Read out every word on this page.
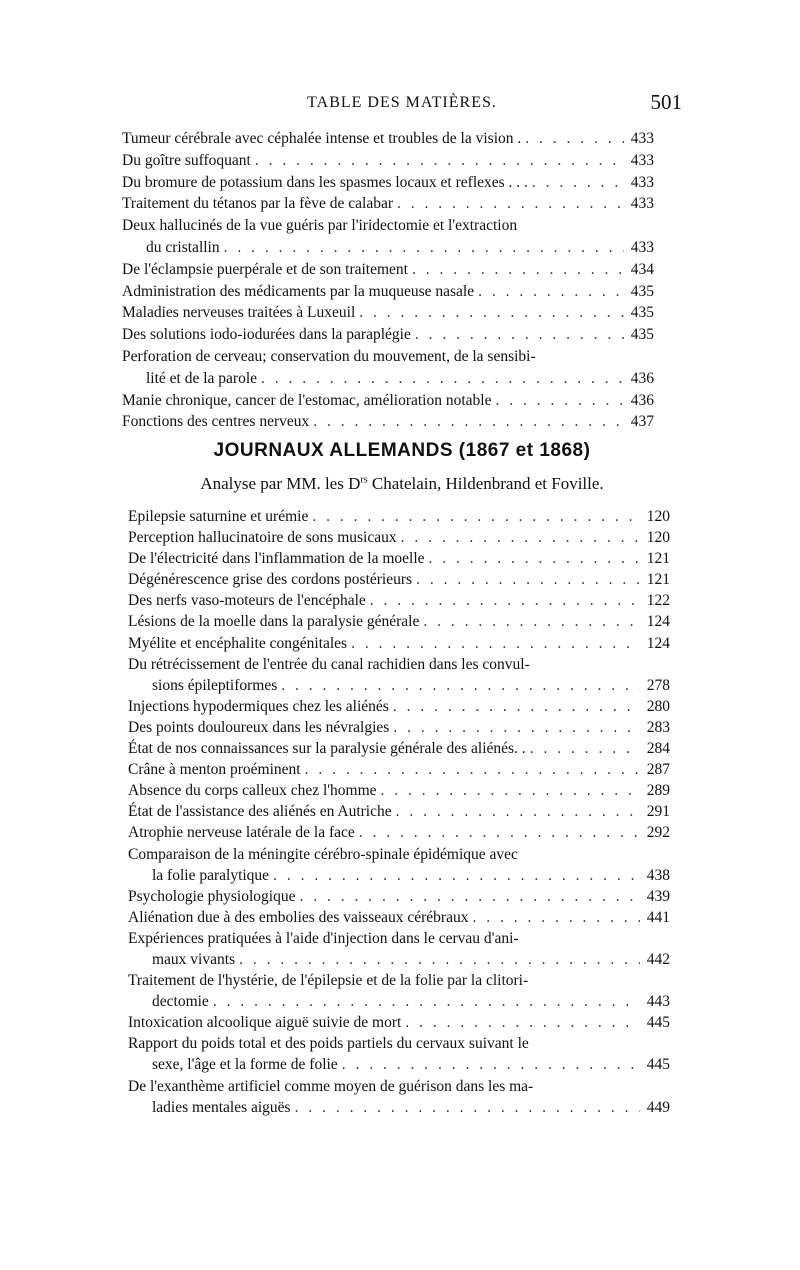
TABLE DES MATIÈRES.	501
Tumeur cérébrale avec céphalée intense et troubles de la vision . . . .	433
Du goître suffoquant . . .	433
Du bromure de potassium dans les spasmes locaux et reflexes . . . . . .	433
Traitement du tétanos par la fève de calabar . . .	433
Deux hallucinés de la vue guéris par l'iridectomie et l'extraction
du cristallin . . .	433
De l'éclampsie puerpérale et de son traitement . . .	434
Administration des médicaments par la muqueuse nasale . . .	435
Maladies nerveuses traitées à Luxeuil . . .	435
Des solutions iodo-iodurées dans la paraplégie . . .	435
Perforation de cerveau; conservation du mouvement, de la sensibi-
lité et de la parole . . .	436
Manie chronique, cancer de l'estomac, amélioration notable . . .	436
Fonctions des centres nerveux . . .	437
JOURNAUX ALLEMANDS (1867 et 1868)
Analyse par MM. les $D^{rs}$ Chatelain, Hildenbrand et Foville.
Epilepsie saturnine et urémie . . .	120
Perception hallucinatoire de sons musicaux . . .	120
De l'électricité dans l'inflammation de la moelle . . .	121
Dégénérescence grise des cordons postérieurs . . .	121
Des nerfs vaso-moteurs de l'encéphale . . .	122
Lésions de la moelle dans la paralysie générale . . .	124
Myélite et encéphalite congénitales . . .	124
Du rétrécissement de l'entrée du canal rachidien dans les convul-
sions épileptiformes . . .	278
Injections hypodermiques chez les aliénés . . .	280
Des points douloureux dans les névralgies . . .	283
État de nos connaissances sur la paralysie générale des aliénés. . . . .	284
Crâne à menton proéminent . . .	287
Absence du corps calleux chez l'homme . . .	289
État de l'assistance des aliénés en Autriche . . .	291
Atrophie nerveuse latérale de la face . . .	292
Comparaison de la méningite cérébro-spinale épidémique avec
la folie paralytique . . .	438
Psychologie physiologique . . .	439
Aliénation due à des embolies des vaisseaux cérébraux . . .	441
Expériences pratiquées à l'aide d'injection dans le cervau d'ani-
maux vivants . . .	442
Traitement de l'hystérie, de l'épilepsie et de la folie par la clitori-
dectomie . . .	443
Intoxication alcoolique aiguë suivie de mort . . .	445
Rapport du poids total et des poids partiels du cervaux suivant le
sexe, l'âge et la forme de folie . . .	445
De l'exanthème artificiel comme moyen de guérison dans les ma-
ladies mentales aiguës . . .	449
